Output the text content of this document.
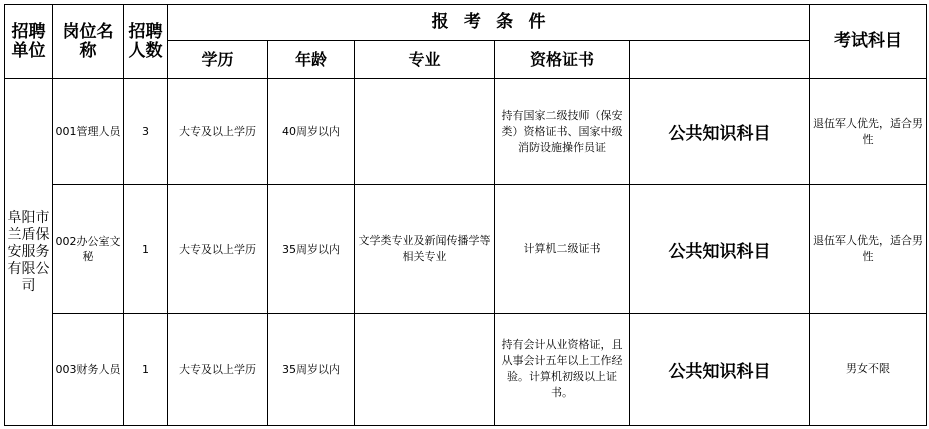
招聘单位	岗位名称	招聘人数	报考条件					考试科目	
			学历	年龄	专业	资格证书			
阜阳市兰盾保安服务有限公司	001管理人员	3	大专及以上学历	40周岁以内		持有国家二级技师（保安类）资格证书、国家中级消防设施操作员证	公共知识科目	退伍军人优先，适合男性	
	002办公室文秘	1	大专及以上学历	35周岁以内	文学类专业及新闻传播学等相关专业	计算机二级证书	公共知识科目	退伍军人优先，适合男性	
	003财务人员	1	大专及以上学历	35周岁以内		持有会计从业资格证，且从事会计五年以上工作经验。计算机初级以上证书。	公共知识科目	男女不限	
